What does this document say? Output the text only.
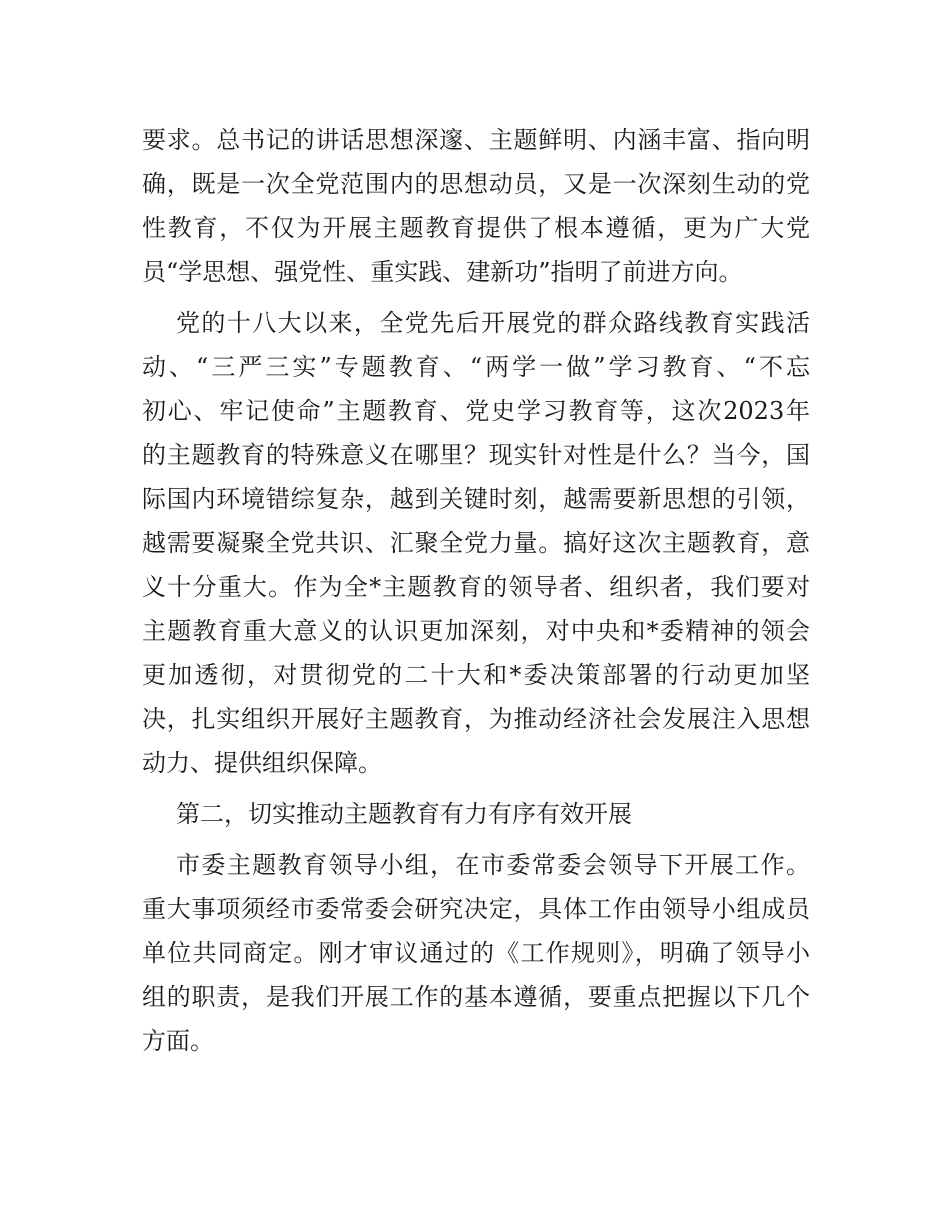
要求。总书记的讲话思想深邃、主题鲜明、内涵丰富、指向明
确，既是一次全党范围内的思想动员，又是一次深刻生动的党
性教育，不仅为开展主题教育提供了根本遵循，更为广大党
员“学思想、强党性、重实践、建新功”指明了前进方向。
党的十八大以来，全党先后开展党的群众路线教育实践活
动、“三严三实”专题教育、“两学一做”学习教育、“不忘
初心、牢记使命”主题教育、党史学习教育等，这次2023年
的主题教育的特殊意义在哪里？现实针对性是什么？当今，国
际国内环境错综复杂，越到关键时刻，越需要新思想的引领，
越需要凝聚全党共识、汇聚全党力量。搞好这次主题教育，意
义十分重大。作为全*主题教育的领导者、组织者，我们要对
主题教育重大意义的认识更加深刻，对中央和*委精神的领会
更加透彻，对贯彻党的二十大和*委决策部署的行动更加坚
决，扎实组织开展好主题教育，为推动经济社会发展注入思想
动力、提供组织保障。
第二，切实推动主题教育有力有序有效开展
市委主题教育领导小组，在市委常委会领导下开展工作。
重大事项须经市委常委会研究决定，具体工作由领导小组成员
单位共同商定。刚才审议通过的《工作规则》，明确了领导小
组的职责，是我们开展工作的基本遵循，要重点把握以下几个
方面。
